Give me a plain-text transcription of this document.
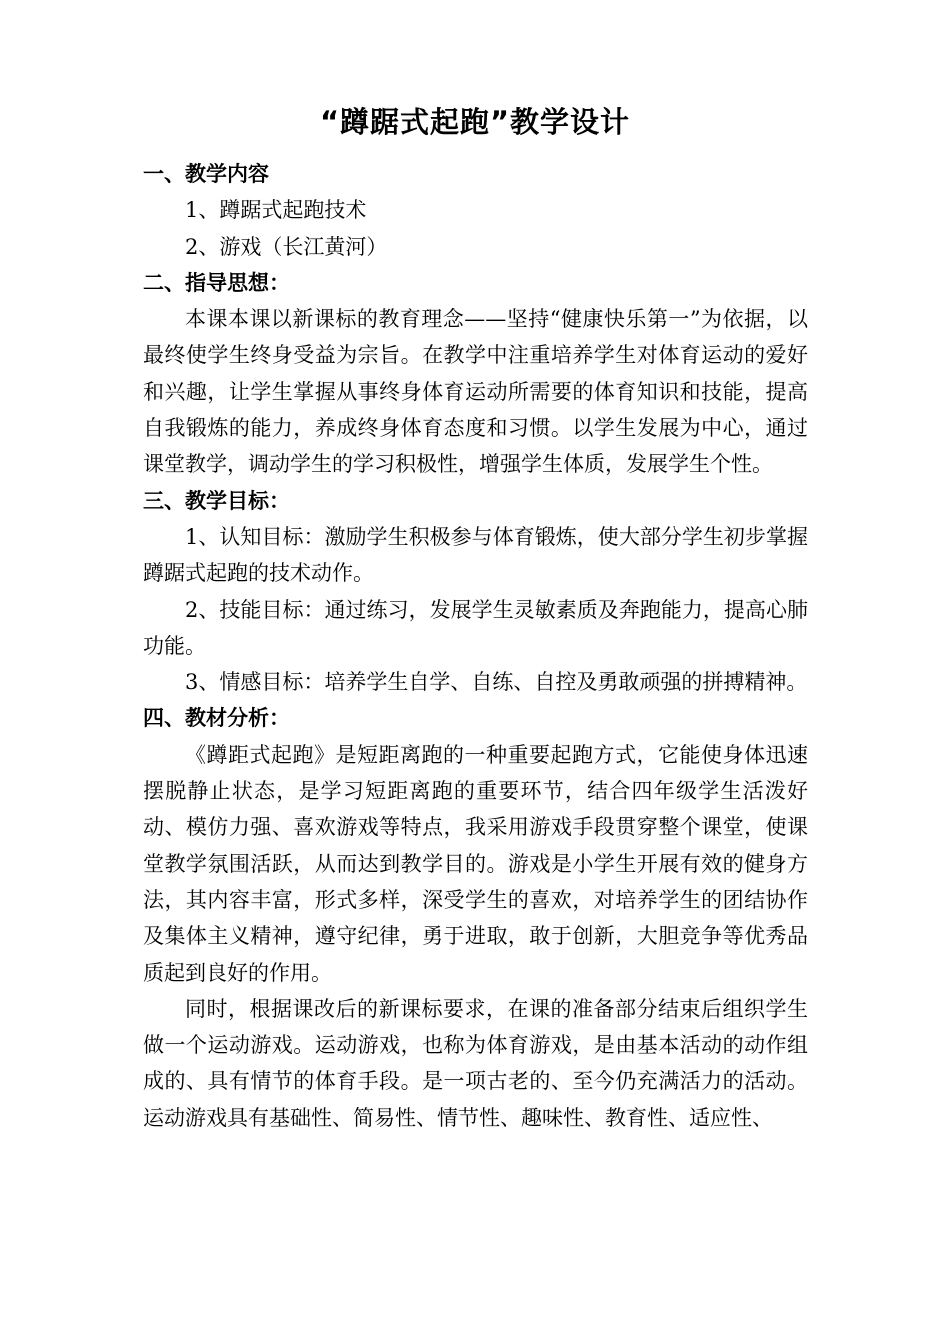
“蹲踞式起跑”教学设计
一、教学内容

1、蹲踞式起跑技术

2、游戏（长江黄河）

二、指导思想：

本课本课以新课标的教育理念——坚持“健康快乐第一”为依据，以最终使学生终身受益为宗旨。在教学中注重培养学生对体育运动的爱好和兴趣，让学生掌握从事终身体育运动所需要的体育知识和技能，提高自我锻炼的能力，养成终身体育态度和习惯。以学生发展为中心，通过课堂教学，调动学生的学习积极性，增强学生体质，发展学生个性。

三、教学目标：

1、认知目标：激励学生积极参与体育锻炼，使大部分学生初步掌握蹲踞式起跑的技术动作。

2、技能目标：通过练习，发展学生灵敏素质及奔跑能力，提高心肺功能。

3、情感目标：培养学生自学、自练、自控及勇敢顽强的拼搏精神。

四、教材分析：

《蹲距式起跑》是短距离跑的一种重要起跑方式，它能使身体迅速摆脱静止状态，是学习短距离跑的重要环节，结合四年级学生活泼好动、模仿力强、喜欢游戏等特点，我采用游戏手段贯穿整个课堂，使课堂教学氛围活跃，从而达到教学目的。游戏是小学生开展有效的健身方法，其内容丰富，形式多样，深受学生的喜欢，对培养学生的团结协作及集体主义精神，遵守纪律，勇于进取，敢于创新，大胆竞争等优秀品质起到良好的作用。

同时，根据课改后的新课标要求，在课的准备部分结束后组织学生做一个运动游戏。运动游戏，也称为体育游戏，是由基本活动的动作组成的、具有情节的体育手段。是一项古老的、至今仍充满活力的活动。运动游戏具有基础性、简易性、情节性、趣味性、教育性、适应性、
